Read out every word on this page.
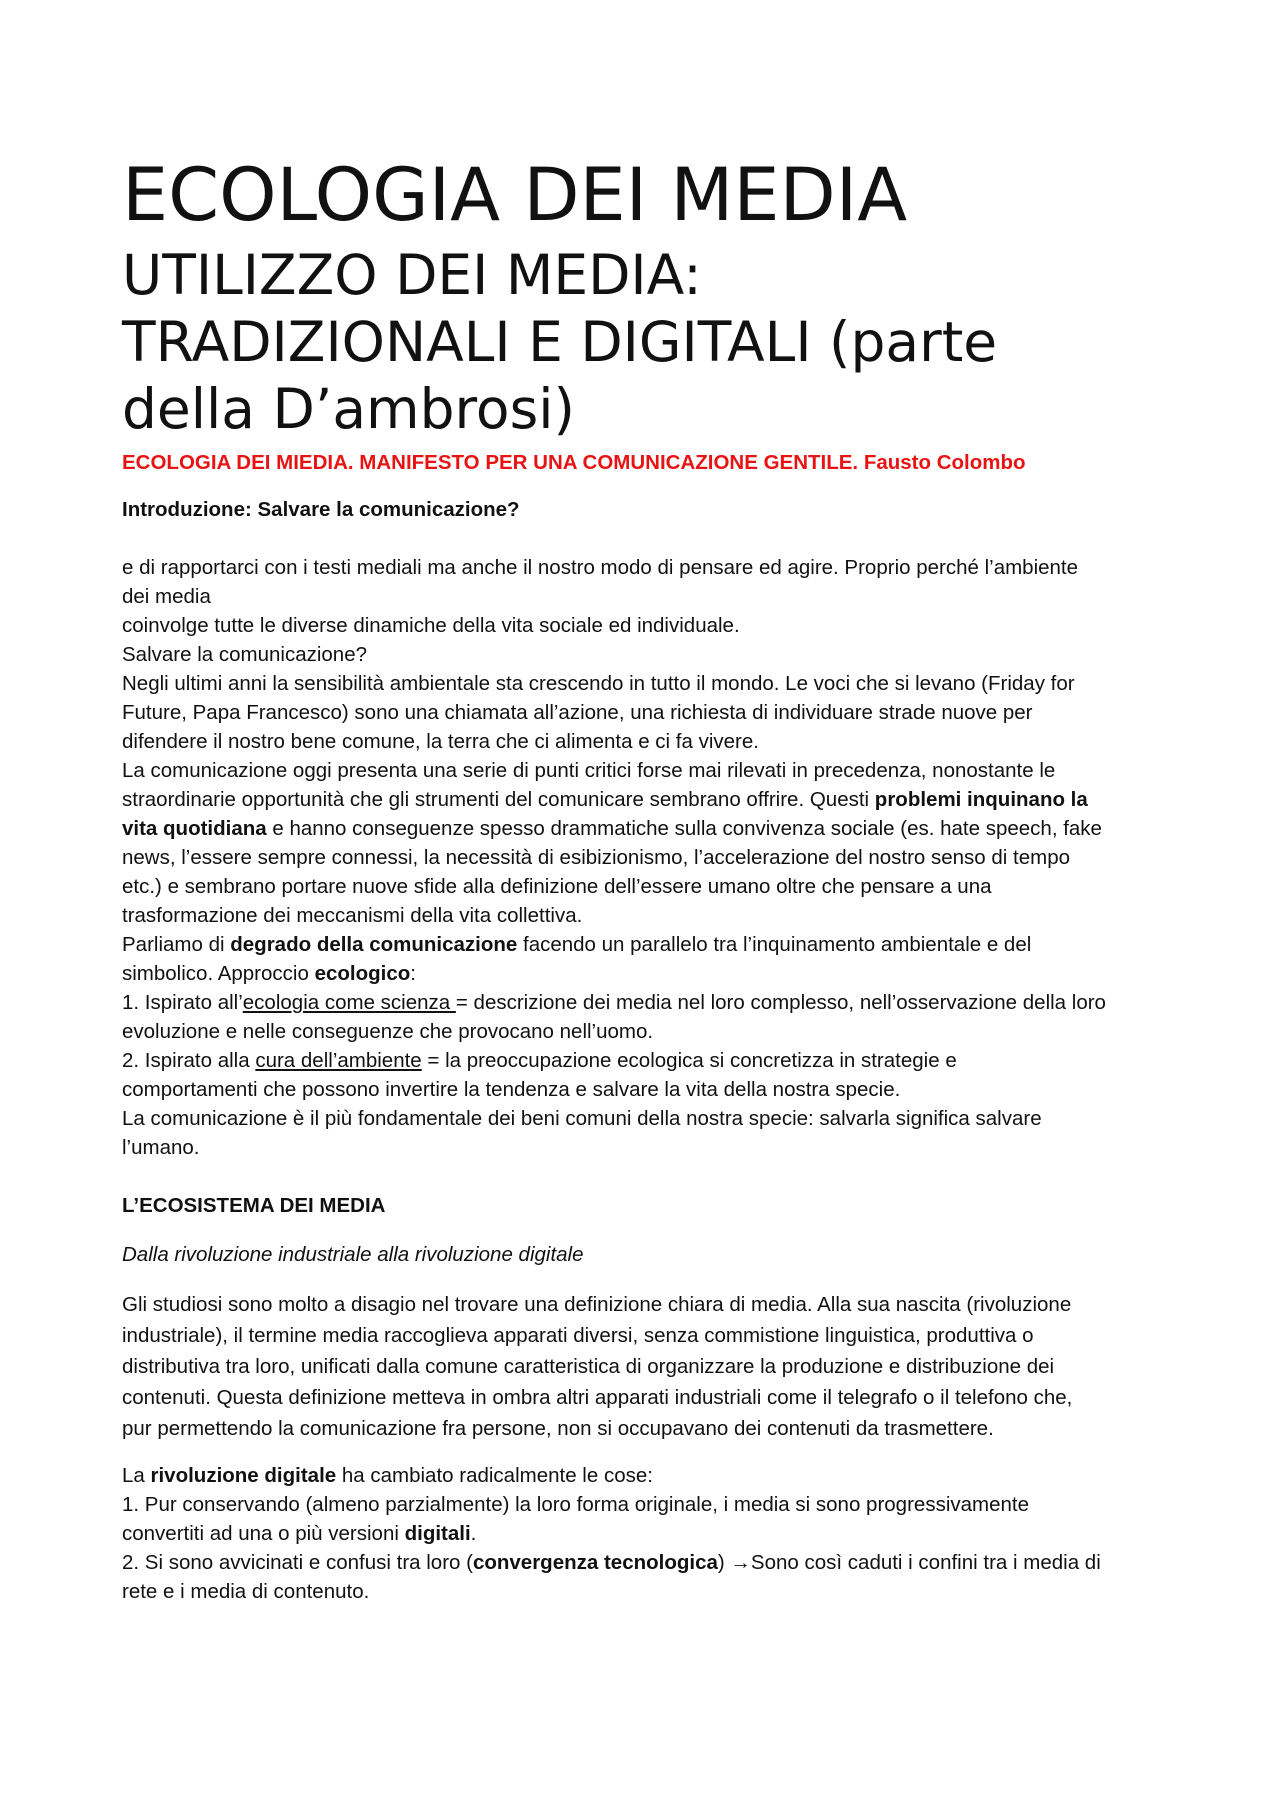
ECOLOGIA DEI MEDIA
UTILIZZO DEI MEDIA:
TRADIZIONALI E DIGITALI (parte
della D’ambrosi)
ECOLOGIA DEI MIEDIA. MANIFESTO PER UNA COMUNICAZIONE GENTILE. Fausto Colombo
Introduzione: Salvare la comunicazione?
e di rapportarci con i testi mediali ma anche il nostro modo di pensare ed agire. Proprio perché l’ambiente
dei media
coinvolge tutte le diverse dinamiche della vita sociale ed individuale.
Salvare la comunicazione?
Negli ultimi anni la sensibilità ambientale sta crescendo in tutto il mondo. Le voci che si levano (Friday for
Future, Papa Francesco) sono una chiamata all’azione, una richiesta di individuare strade nuove per
difendere il nostro bene comune, la terra che ci alimenta e ci fa vivere.
La comunicazione oggi presenta una serie di punti critici forse mai rilevati in precedenza, nonostante le
straordinarie opportunità che gli strumenti del comunicare sembrano offrire. Questi problemi inquinano la
vita quotidiana e hanno conseguenze spesso drammatiche sulla convivenza sociale (es. hate speech, fake
news, l’essere sempre connessi, la necessità di esibizionismo, l’accelerazione del nostro senso di tempo
etc.) e sembrano portare nuove sfide alla definizione dell’essere umano oltre che pensare a una
trasformazione dei meccanismi della vita collettiva.
Parliamo di degrado della comunicazione facendo un parallelo tra l’inquinamento ambientale e del
simbolico. Approccio ecologico:
1. Ispirato all’ecologia come scienza = descrizione dei media nel loro complesso, nell’osservazione della loro
evoluzione e nelle conseguenze che provocano nell’uomo.
2. Ispirato alla cura dell’ambiente = la preoccupazione ecologica si concretizza in strategie e
comportamenti che possono invertire la tendenza e salvare la vita della nostra specie.
La comunicazione è il più fondamentale dei beni comuni della nostra specie: salvarla significa salvare
l’umano.
L’ECOSISTEMA DEI MEDIA
Dalla rivoluzione industriale alla rivoluzione digitale
Gli studiosi sono molto a disagio nel trovare una definizione chiara di media. Alla sua nascita (rivoluzione
industriale), il termine media raccoglieva apparati diversi, senza commistione linguistica, produttiva o
distributiva tra loro, unificati dalla comune caratteristica di organizzare la produzione e distribuzione dei
contenuti. Questa definizione metteva in ombra altri apparati industriali come il telegrafo o il telefono che,
pur permettendo la comunicazione fra persone, non si occupavano dei contenuti da trasmettere.
La rivoluzione digitale ha cambiato radicalmente le cose:
1. Pur conservando (almeno parzialmente) la loro forma originale, i media si sono progressivamente
convertiti ad una o più versioni digitali.
2. Si sono avvicinati e confusi tra loro (convergenza tecnologica) →Sono così caduti i confini tra i media di
rete e i media di contenuto.
